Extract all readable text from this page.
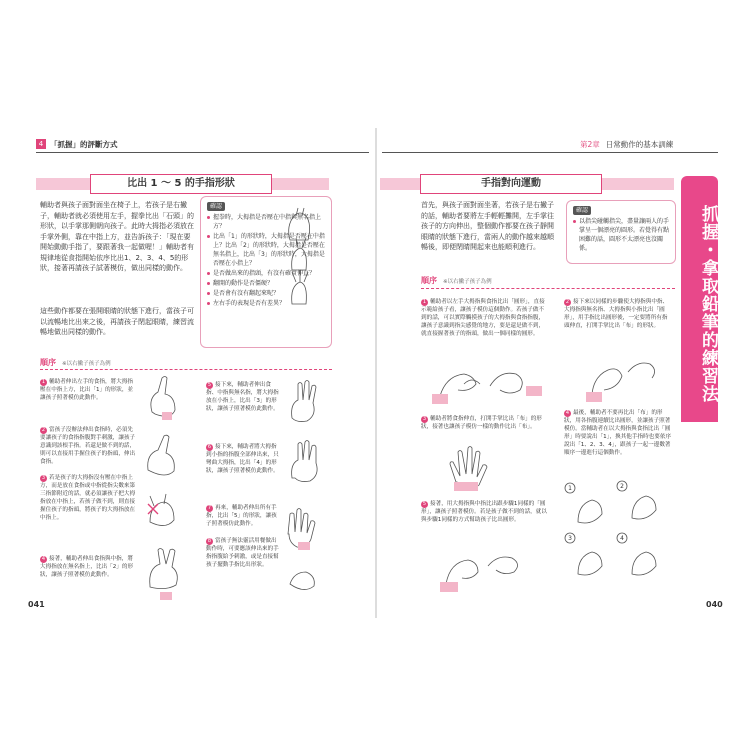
4 「抓握」的評斷方式
比出 1 ～ 5 的手指形狀
輔助者與孩子面對面坐在椅子上，若孩子是右撇子，輔助者就必須使用左手，握拳比出「石頭」的形狀，以手掌那側朝向孩子。此時大拇指必須放在手掌外側，靠在中指上方，並告訴孩子：「現在要開始動動手指了，要跟著我一起做喔！」輔助者有規律地從食指開始依序比出1、2、3、4、5的形狀，接著再請孩子試著模仿，做出同樣的動作。
這些動作都要在張開眼睛的狀態下進行，當孩子可以流暢地比出來之後，再請孩子閉起眼睛，練習流暢地做出同樣的動作。
確認
握拳時，大拇指是否壓在中指與無名指上方？
比出「1」的形狀時，大拇指是否壓在中指上？比出「2」的形狀時，大拇指是否壓在無名指上，比出「3」的形狀時，大拇指是否壓在小指上？
是否做出來的指頭，有沒有確實伸直？
翻開的動作是否僵硬？
是否會有沒有翻起來呢？
左右手的表現是否有差異？
順序 ※以右撇子孩子為例
1 輔助者伸出左手的食指，將大拇指壓在中指上方，比出「1」的形狀，並讓孩子照著模仿此動作。
2 當孩子沒辦法伸出食指時，必須先要讓孩子的食指指腹對手刺激，讓孩子意識到該根手指。若還是做不到的話，則可以直接用手握住孩子的指頭，伸出食指。
3 若是孩子的大拇指沒有壓在中指上方，而是放在食指或中指從指尖數來第三指節附近的話，就必須讓孩子把大拇指放在中指上，若孩子做不到，則直接握住孩子的指頭，將孩子的大拇指放在中指上。
4 接著，輔助者伸出食指與中指，將大拇指放在無名指上，比出「2」的形狀，讓孩子照著模仿此動作。
5 接下來，輔助者伸出食指、中指與無名指，將大拇指放在小指上，比出「3」的形狀，讓孩子照著模仿此動作。
6 接下來，輔助者將大拇指到小指的指腹全部伸出來，只彎曲大拇指，比出「4」的形狀，讓孩子照著模仿此動作。
7 再來，輔助者伸出所有手指，比出「5」的形狀，讓孩子照著模仿此動作。
8 當孩子無法靈活用餐做出動作時，可要應該伸出來的手指指腹給予刺激，或是直接幫孩子擺動手指比出形狀。
041
第2章 日常動作的基本訓練
手指對向運動
首先，與孩子面對面坐著，若孩子是右撇子的話，輔助者要將左手輕輕攤開，左手掌往孩子的方向伸出，整個動作都要在孩子靜開眼睛的狀態下進行，當兩人的動作越來越順暢後，即便閉睛開起來也能順利進行。
確認
以指尖碰觸指尖，盡量讓兩人的手掌呈一個漂亮的圓形。若覺得有點困難的話，圓形不太漂亮也沒關係。
順序 ※以右撇子孩子為例
1 輔助者以左手大拇指與食指比出「圓形」，直接示範給孩子看，讓孩子模仿這個動作。若孩子做不到的話，可以實際觸摸孩子的大拇指與食指指腹，讓孩子意識到指尖感覺的地方，要是還是做不到，就直接握著孩子的指頭，做出一個同樣的圓形。
2 接下來以同樣的步驟使大拇指與中指、大拇指與無名指、大拇指與小指比出「圓形」，用手指比出圓形後，一定要將所有指頭伸直，打開手掌比出「布」的形狀。
3 輔助者將食指伸直，打開手掌比出「布」的形狀，接著也讓孩子模仿一樣的動作比出「布」。
4 最後，輔助者不要再比出「布」的形狀，用各指腹連續比出圓形，並讓孩子照著模仿。當輔助者在以大拇指與食指比出「圓形」時要說出「1」，換其他手指時也要依序說出「1、2、3、4」，跟孩子一起一邊數著順序一邊進行這個動作。
5 接著，用大拇指與中指比出跟步驟1同樣的「圓形」，讓孩子照著模仿。若是孩子做不到的話，就以與步驟1同樣的方式幫助孩子比出圓形。
1	2
3	4
040
抓握・拿取鉛筆的練習法
